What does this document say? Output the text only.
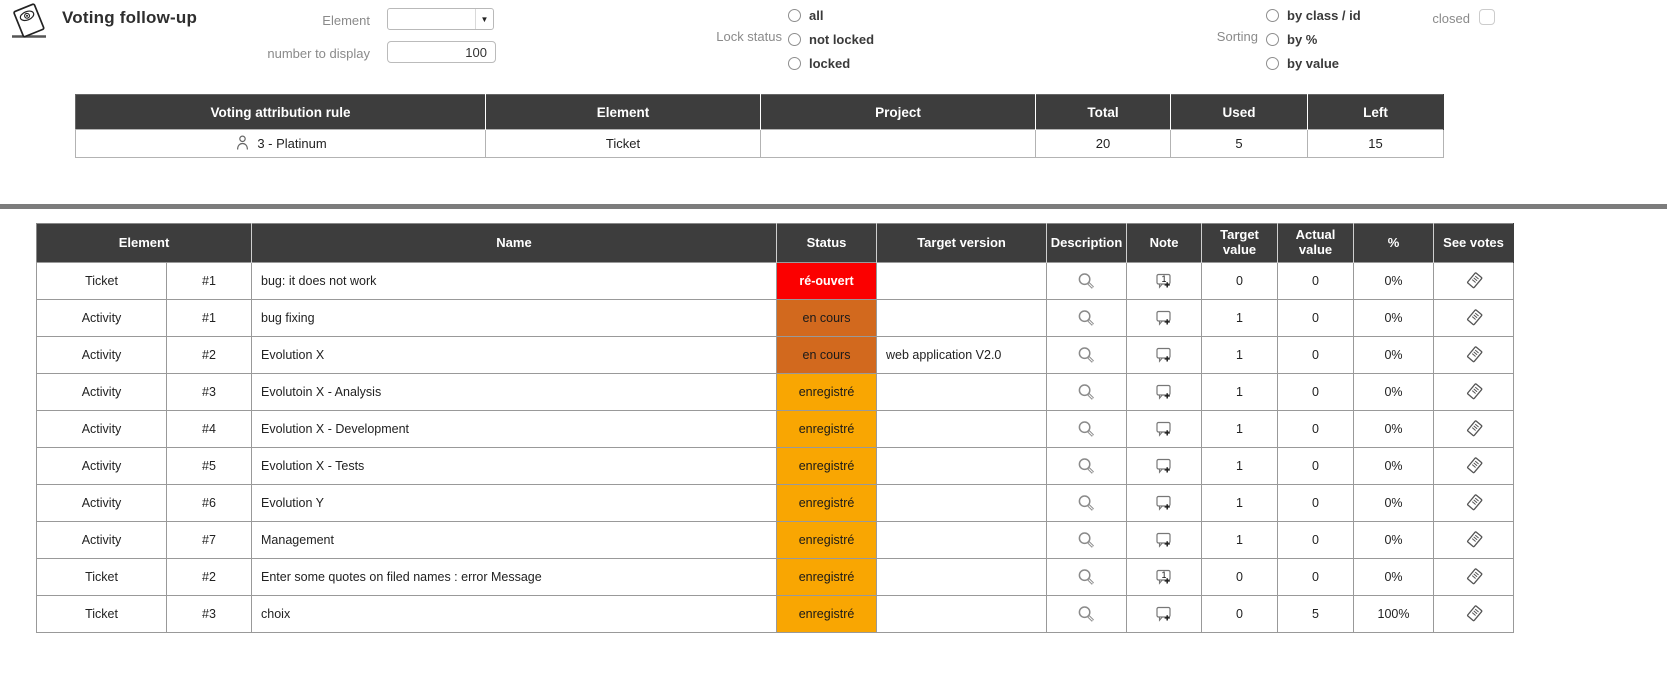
Voting follow-up	Element	▼
number to display
100
Lock status
all
not locked
locked
Sorting
by class / id
by %
by value
closed
Voting attribution rule	Element	Project	Total	Used	Left

3 - Platinum	Ticket		20	5	15
Element		Name	Status	Target version	Description	Note	Target value	Actual value	%	See votes
Ticket	#1	bug: it does not work	ré-ouvert			1	0	0	0%	

Activity	#1	bug fixing	en cours				1	0	0%	

Activity	#2	Evolution X	en cours	web application V2.0			1	0	0%	

Activity	#3	Evolutoin X - Analysis	enregistré				1	0	0%	

Activity	#4	Evolution X - Development	enregistré				1	0	0%	

Activity	#5	Evolution X - Tests	enregistré				1	0	0%	

Activity	#6	Evolution Y	enregistré				1	0	0%	

Activity	#7	Management	enregistré				1	0	0%	

Ticket	#2	Enter some quotes on filed names : error Message	enregistré			1	0	0	0%	

Ticket	#3	choix	enregistré				0	5	100%	
